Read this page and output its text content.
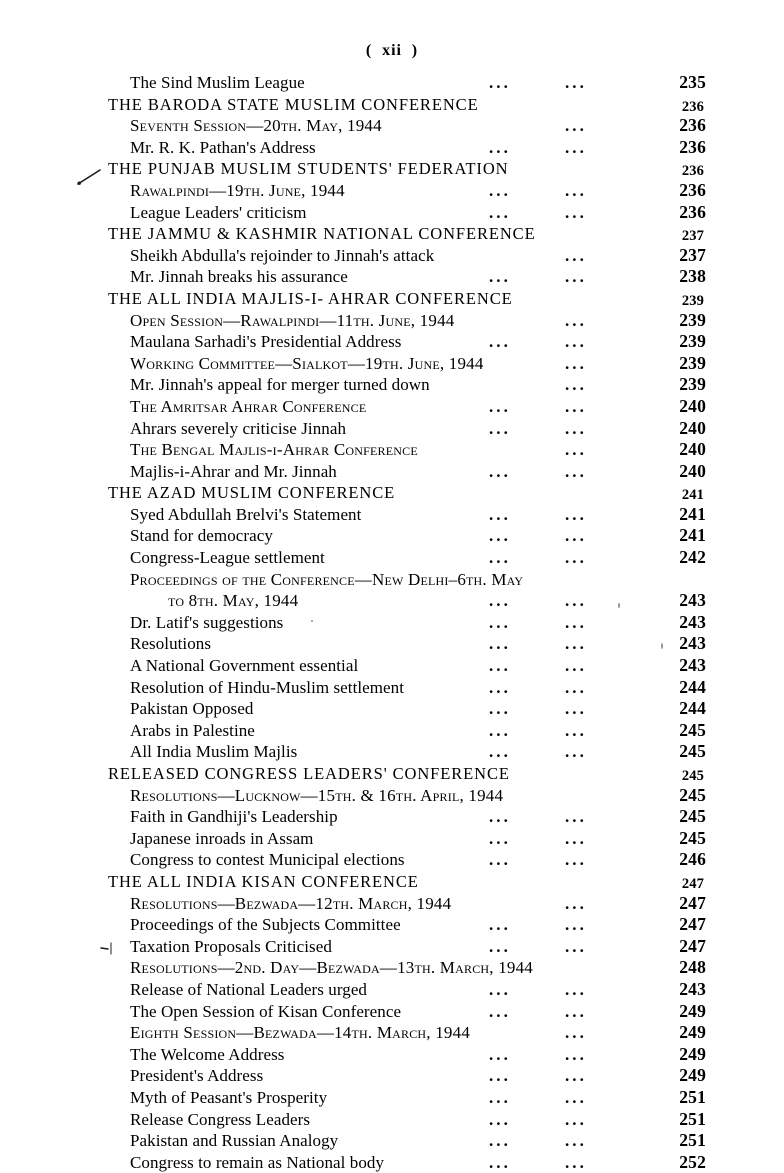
(  xii  )
The Sind Muslim League	...	...	235
THE BARODA STATE MUSLIM CONFERENCE	236
Seventh Session—20th. May, 1944	...	236
Mr. R. K. Pathan's Address	...	...	236
THE PUNJAB MUSLIM STUDENTS' FEDERATION	236
Rawalpindi—19th. June, 1944	...	...	236
League Leaders' criticism	...	...	236
THE JAMMU & KASHMIR NATIONAL CONFERENCE	237
Sheikh Abdulla's rejoinder to Jinnah's attack	...	237
Mr. Jinnah breaks his assurance	...	...	238
THE ALL INDIA MAJLIS-I- AHRAR CONFERENCE	239
Open Session—Rawalpindi—11th. June, 1944	...	239
Maulana Sarhadi's Presidential Address	...	...	239
Working Committee—Sialkot—19th. June, 1944	...	239
Mr. Jinnah's appeal for merger turned down	...	239
The Amritsar Ahrar Conference	...	...	240
Ahrars severely criticise Jinnah	...	...	240
The Bengal Majlis-i-Ahrar Conference	...	240
Majlis-i-Ahrar and Mr. Jinnah	...	...	240
THE AZAD MUSLIM CONFERENCE	241
Syed Abdullah Brelvi's Statement	...	...	241
Stand for democracy	...	...	241
Congress-League settlement	...	...	242
Proceedings of the Conference—New Delhi–6th. May
to 8th. May, 1944	...	...	243
Dr. Latif's suggestions	...	...	243
Resolutions	...	...	243
A National Government essential	...	...	243
Resolution of Hindu-Muslim settlement	...	...	244
Pakistan Opposed	...	...	244
Arabs in Palestine	...	...	245
All India Muslim Majlis	...	...	245
RELEASED CONGRESS LEADERS' CONFERENCE	245
Resolutions—Lucknow—15th. & 16th. April, 1944	245
Faith in Gandhiji's Leadership	...	...	245
Japanese inroads in Assam	...	...	245
Congress to contest Municipal elections	...	...	246
THE ALL INDIA KISAN CONFERENCE	247
Resolutions—Bezwada—12th. March, 1944	...	247
Proceedings of the Subjects Committee	...	...	247
Taxation Proposals Criticised	...	...	247
Resolutions—2nd. Day—Bezwada—13th. March, 1944	248
Release of National Leaders urged	...	...	243
The Open Session of Kisan Conference	...	...	249
Eighth Session—Bezwada—14th. March, 1944	...	249
The Welcome Address	...	...	249
President's Address	...	...	249
Myth of Peasant's Prosperity	...	...	251
Release Congress Leaders	...	...	251
Pakistan and Russian Analogy	...	...	251
Congress to remain as National body	...	...	252
